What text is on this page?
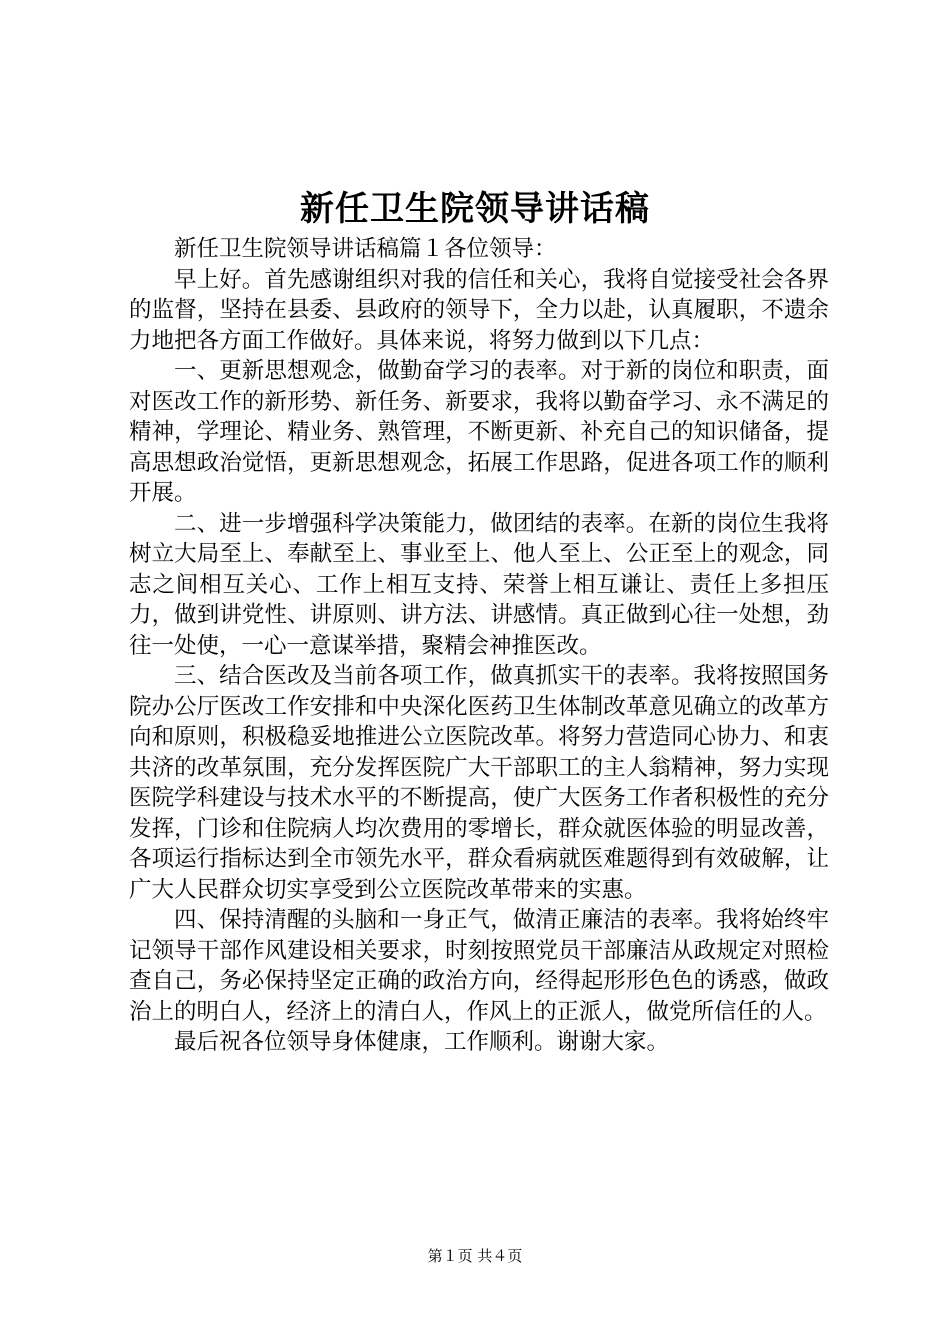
新任卫生院领导讲话稿

新任卫生院领导讲话稿篇１各位领导：

早上好。首先感谢组织对我的信任和关心，我将自觉接受社会各界的监督，坚持在县委、县政府的领导下，全力以赴，认真履职，不遗余力地把各方面工作做好。具体来说，将努力做到以下几点：

一、更新思想观念，做勤奋学习的表率。对于新的岗位和职责，面对医改工作的新形势、新任务、新要求，我将以勤奋学习、永不满足的精神，学理论、精业务、熟管理，不断更新、补充自己的知识储备，提高思想政治觉悟，更新思想观念，拓展工作思路，促进各项工作的顺利开展。

二、进一步增强科学决策能力，做团结的表率。在新的岗位生我将树立大局至上、奉献至上、事业至上、他人至上、公正至上的观念，同志之间相互关心、工作上相互支持、荣誉上相互谦让、责任上多担压力，做到讲党性、讲原则、讲方法、讲感情。真正做到心往一处想，劲往一处使，一心一意谋举措，聚精会神推医改。

三、结合医改及当前各项工作，做真抓实干的表率。我将按照国务院办公厅医改工作安排和中央深化医药卫生体制改革意见确立的改革方向和原则，积极稳妥地推进公立医院改革。将努力营造同心协力、和衷共济的改革氛围，充分发挥医院广大干部职工的主人翁精神，努力实现医院学科建设与技术水平的不断提高，使广大医务工作者积极性的充分发挥，门诊和住院病人均次费用的零增长，群众就医体验的明显改善，各项运行指标达到全市领先水平，群众看病就医难题得到有效破解，让广大人民群众切实享受到公立医院改革带来的实惠。

四、保持清醒的头脑和一身正气，做清正廉洁的表率。我将始终牢记领导干部作风建设相关要求，时刻按照党员干部廉洁从政规定对照检查自己，务必保持坚定正确的政治方向，经得起形形色色的诱惑，做政治上的明白人，经济上的清白人，作风上的正派人，做党所信任的人。

最后祝各位领导身体健康，工作顺利。谢谢大家。

第１页 共４页
